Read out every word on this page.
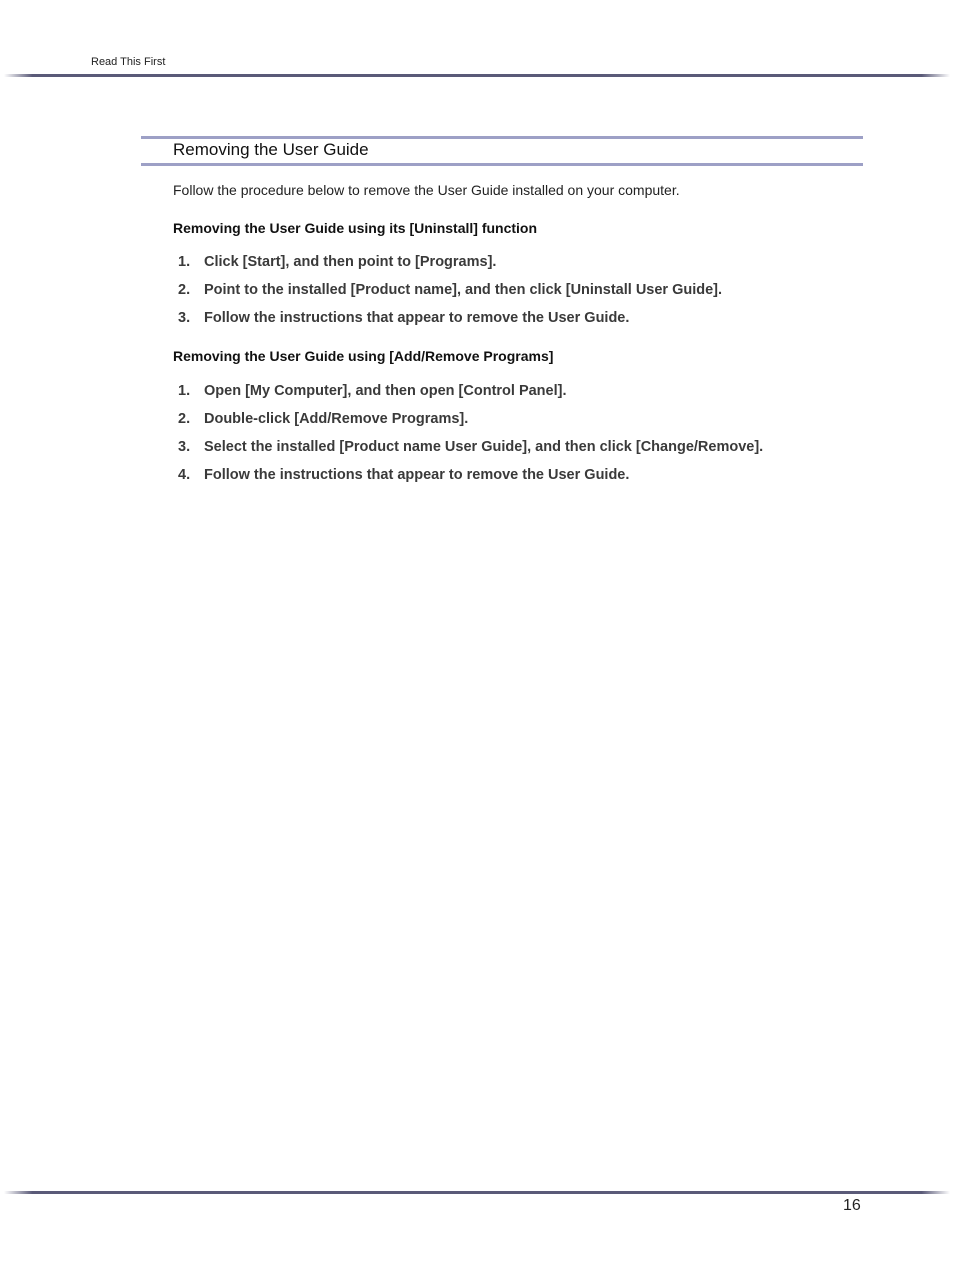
Read This First
Removing the User Guide
Follow the procedure below to remove the User Guide installed on your computer.
Removing the User Guide using its [Uninstall] function
1. Click [Start], and then point to [Programs].
2. Point to the installed [Product name], and then click [Uninstall User Guide].
3. Follow the instructions that appear to remove the User Guide.
Removing the User Guide using [Add/Remove Programs]
1. Open [My Computer], and then open [Control Panel].
2. Double-click [Add/Remove Programs].
3. Select the installed [Product name User Guide], and then click [Change/Remove].
4. Follow the instructions that appear to remove the User Guide.
16
